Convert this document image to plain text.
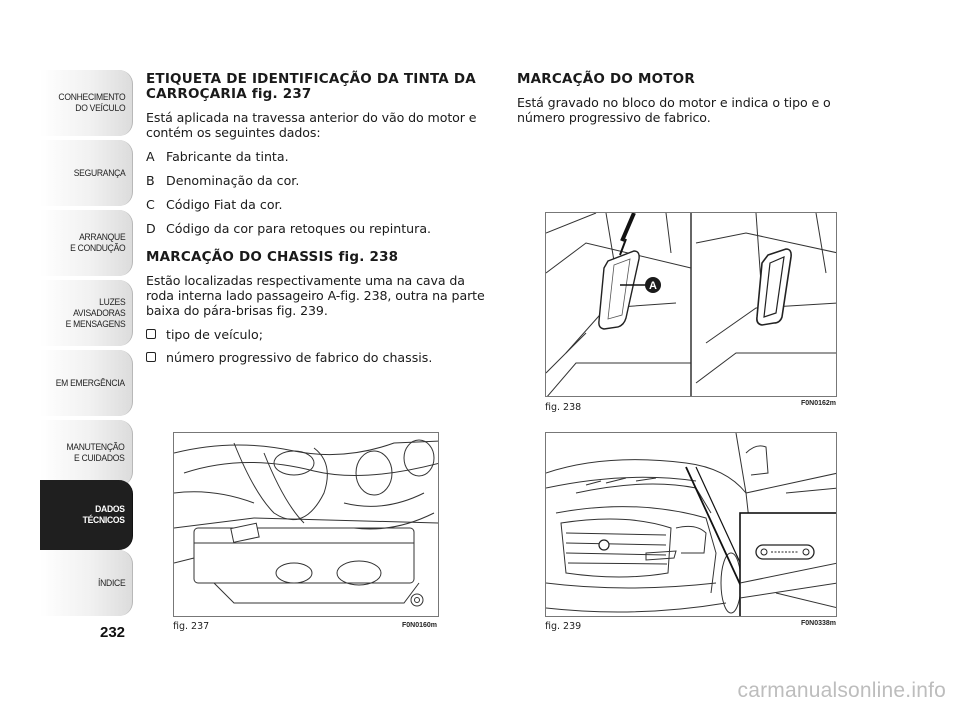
CONHECIMENTO
DO VEÍCULO
SEGURANÇA
ARRANQUE
E CONDUÇÃO
LUZES
AVISADORAS
E MENSAGENS
EM EMERGÊNCIA
MANUTENÇÃO
E CUIDADOS
DADOS
TÉCNICOS
ÍNDICE
232
ETIQUETA DE IDENTIFICAÇÃO DA TINTA DA CARROÇARIA fig. 237

Está aplicada na travessa anterior do vão do motor e contém os seguintes dados:

A Fabricante da tinta.
B Denominação da cor.
C Código Fiat da cor.
D Código da cor para retoques ou repintura.
MARCAÇÃO DO CHASSIS fig. 238

Estão localizadas respectivamente uma na cava da roda interna lado passageiro A-fig. 238, outra na parte baixa do pára-brisas fig. 239.

tipo de veículo;
número progressivo de fabrico do chassis.
MARCAÇÃO DO MOTOR

Está gravado no bloco do motor e indica o tipo e o número progressivo de fabrico.

fig. 237	F0N0160m
A
fig. 238	F0N0162m
fig. 239	F0N0338m
carmanualsonline.info
